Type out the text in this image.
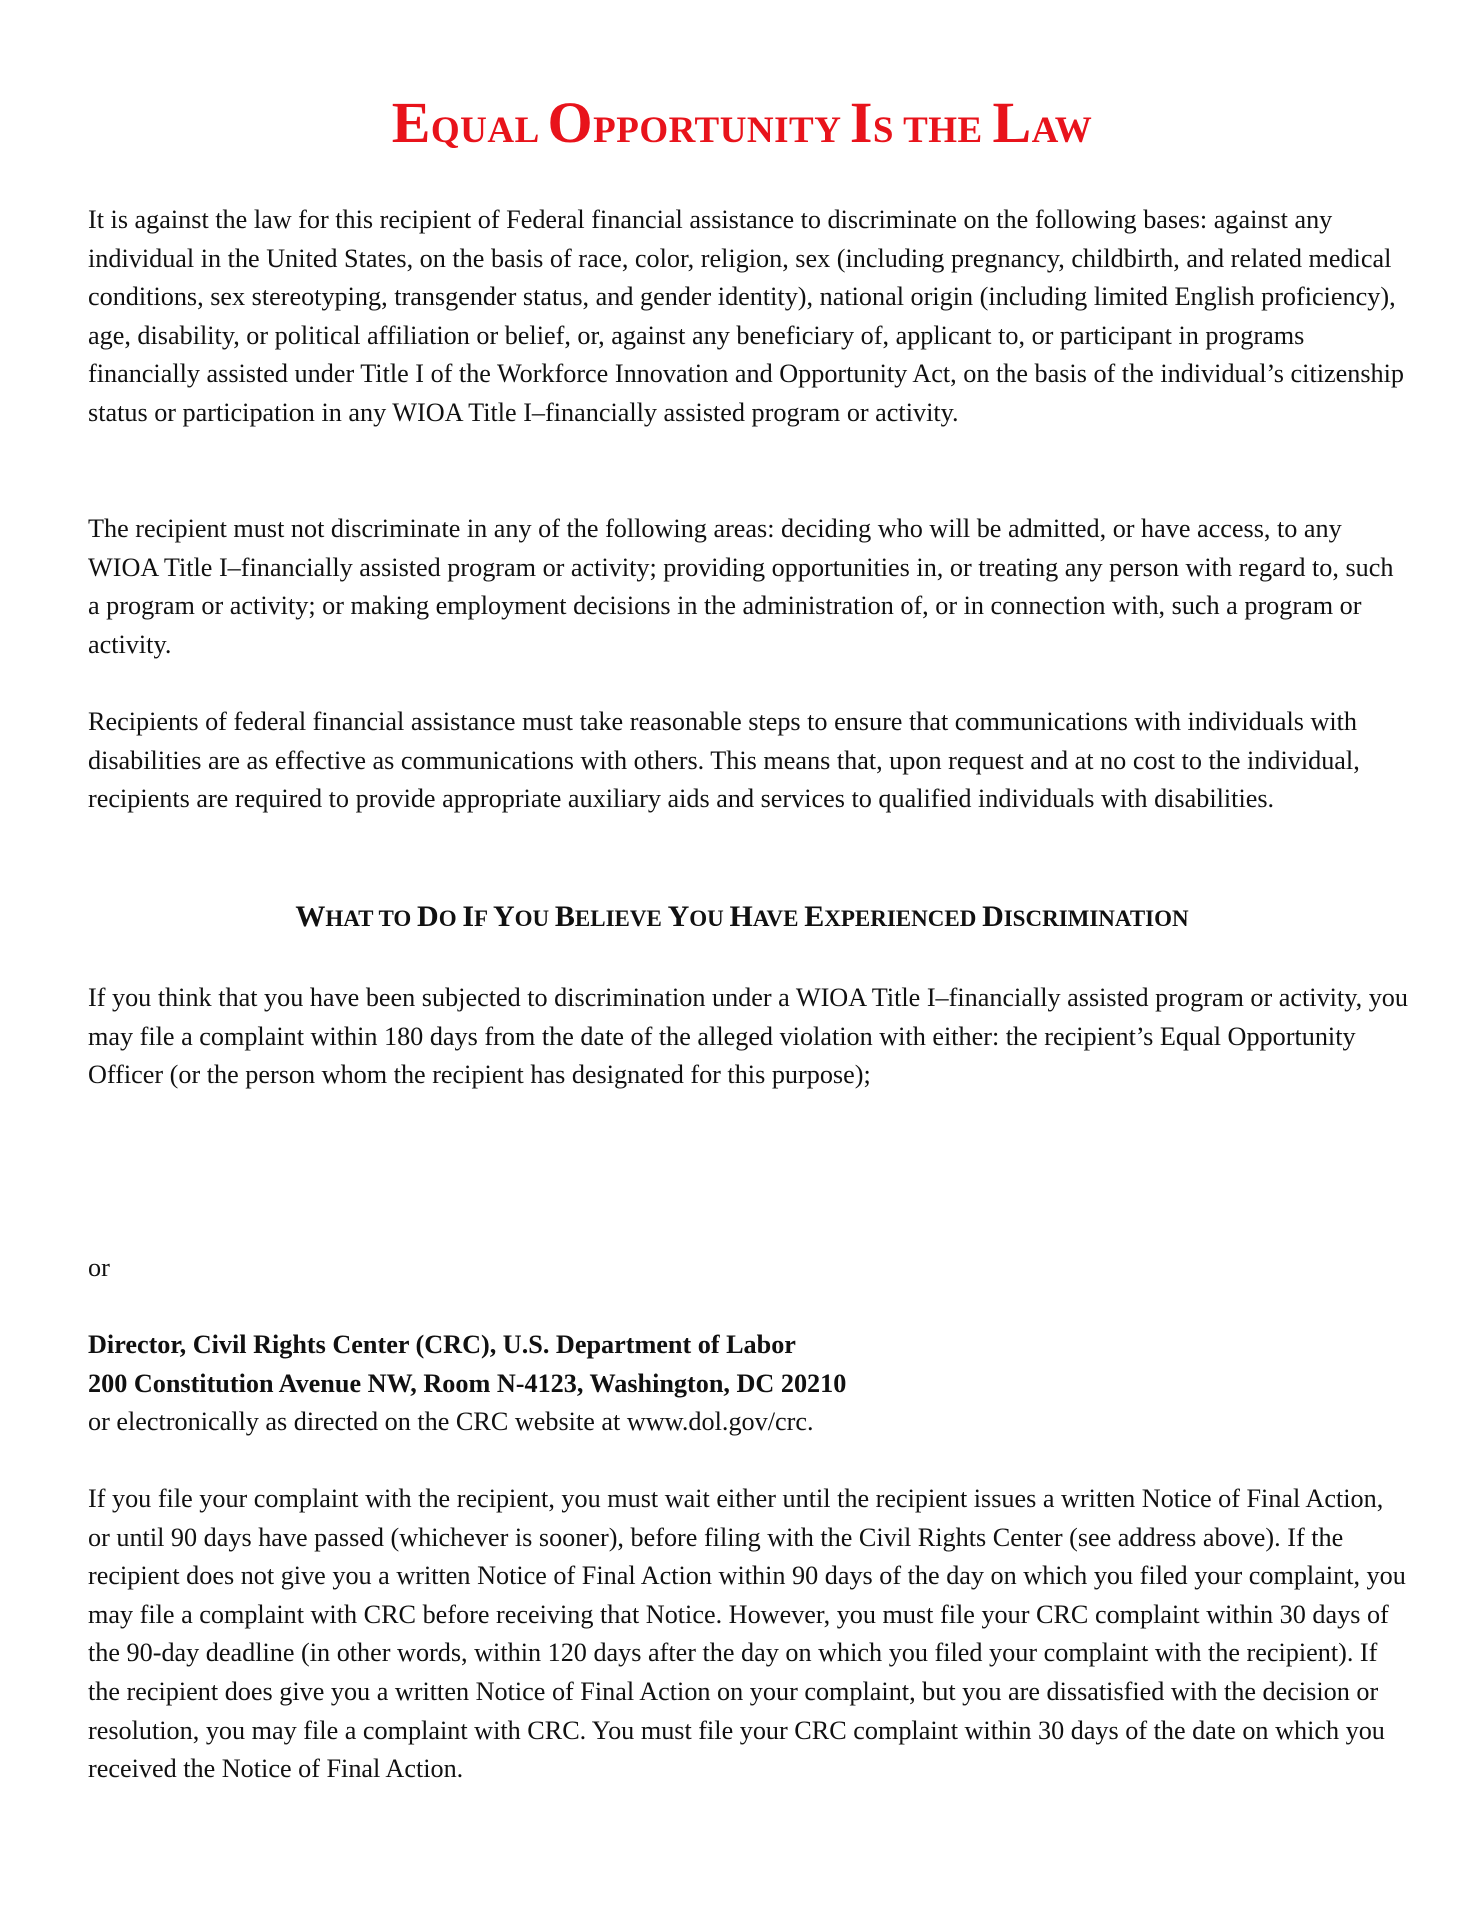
EQUAL OPPORTUNITY IS THE LAW

It is against the law for this recipient of Federal financial assistance to discriminate on the following bases: against any individual in the United States, on the basis of race, color, religion, sex (including pregnancy, childbirth, and related medical conditions, sex stereotyping, transgender status, and gender identity), national origin (including limited English proficiency), age, disability, or political affiliation or belief, or, against any beneficiary of, applicant to, or participant in programs financially assisted under Title I of the Workforce Innovation and Opportunity Act, on the basis of the individual’s citizenship status or participation in any WIOA Title I–financially assisted program or activity.

The recipient must not discriminate in any of the following areas: deciding who will be admitted, or have access, to any WIOA Title I–financially assisted program or activity; providing opportunities in, or treating any person with regard to, such a program or activity; or making employment decisions in the administration of, or in connection with, such a program or activity.

Recipients of federal financial assistance must take reasonable steps to ensure that communications with individuals with disabilities are as effective as communications with others. This means that, upon request and at no cost to the individual, recipients are required to provide appropriate auxiliary aids and services to qualified individuals with disabilities.

WHAT TO DO IF YOU BELIEVE YOU HAVE EXPERIENCED DISCRIMINATION

If you think that you have been subjected to discrimination under a WIOA Title I–financially assisted program or activity, you may file a complaint within 180 days from the date of the alleged violation with either: the recipient’s Equal Opportunity Officer (or the person whom the recipient has designated for this purpose);

or

Director, Civil Rights Center (CRC), U.S. Department of Labor
200 Constitution Avenue NW, Room N-4123, Washington, DC 20210
or electronically as directed on the CRC website at www.dol.gov/crc.

If you file your complaint with the recipient, you must wait either until the recipient issues a written Notice of Final Action, or until 90 days have passed (whichever is sooner), before filing with the Civil Rights Center (see address above). If the recipient does not give you a written Notice of Final Action within 90 days of the day on which you filed your complaint, you may file a complaint with CRC before receiving that Notice. However, you must file your CRC complaint within 30 days of the 90-day deadline (in other words, within 120 days after the day on which you filed your complaint with the recipient). If the recipient does give you a written Notice of Final Action on your complaint, but you are dissatisfied with the decision or resolution, you may file a complaint with CRC. You must file your CRC complaint within 30 days of the date on which you received the Notice of Final Action.
